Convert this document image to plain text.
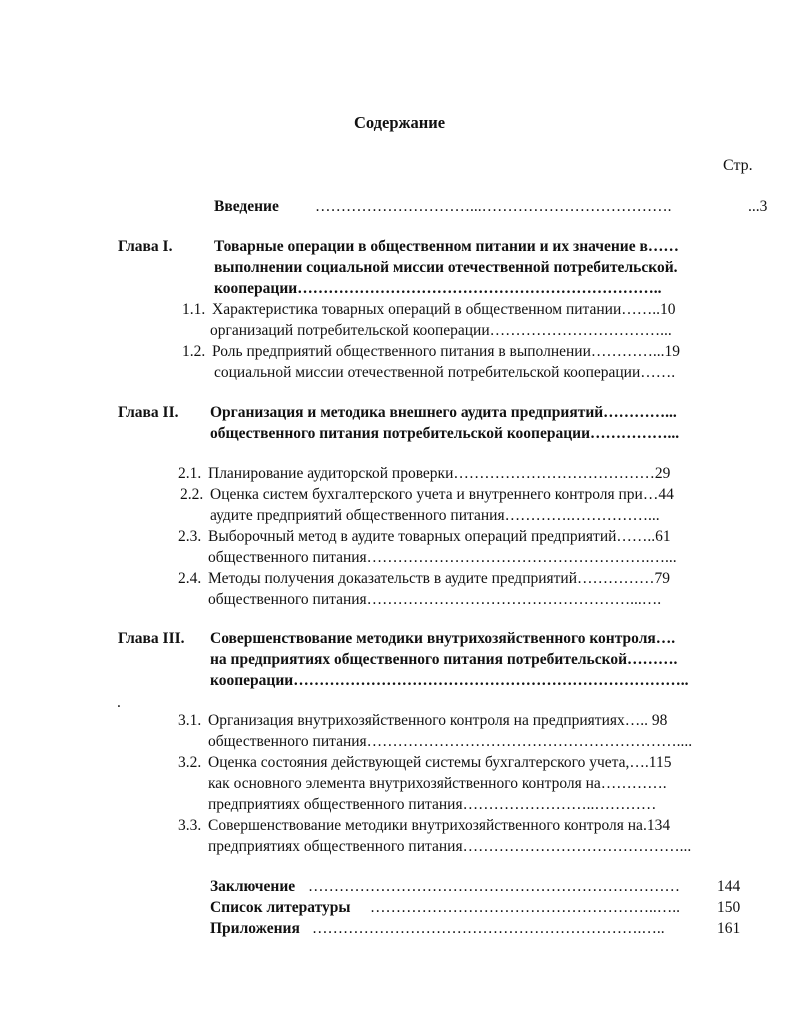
Содержание
Стр.
Введение …………………………...……………………………….	...3
Глава I.	Товарные операции в общественном питании и их значение в……
выполнении социальной миссии отечественной потребительской.
кооперации……………………………………………………………..
1.1. Характеристика товарных операций в общественном питании……..10
организаций потребительской кооперации……………………………...
1.2. Роль предприятий общественного питания в выполнении…………...19
социальной миссии отечественной потребительской кооперации…….
Глава II. Организация и методика внешнего аудита предприятий…………...
общественного питания потребительской кооперации……………...
2.1. Планирование аудиторской проверки…………………………………29
2.2. Оценка систем бухгалтерского учета и внутреннего контроля при…44
аудите предприятий общественного питания………….……………...
2.3. Выборочный метод в аудите товарных операций предприятий……..61
общественного питания……………………………………………….…...
2.4. Методы получения доказательств в аудите предприятий……………79
общественного питания……………………………………………...….
Глава III. Совершенствование методики внутрихозяйственного контроля….
на предприятиях общественного питания потребительской……….
кооперации…………………………………………………………………..
.
3.1. Организация внутрихозяйственного контроля на предприятиях….. 98
общественного питания……………………………………………………....
3.2. Оценка состояния действующей системы бухгалтерского учета,….115
как основного элемента внутрихозяйственного контроля на………….
предприятиях общественного питания……………………..…………
3.3. Совершенствование методики внутрихозяйственного контроля на.134
предприятиях общественного питания……………………………………...
Заключение ………………………………………………………………	144
Список литературы ………………………………………………..…..	150
Приложения ……………………………………………………….…..	161
